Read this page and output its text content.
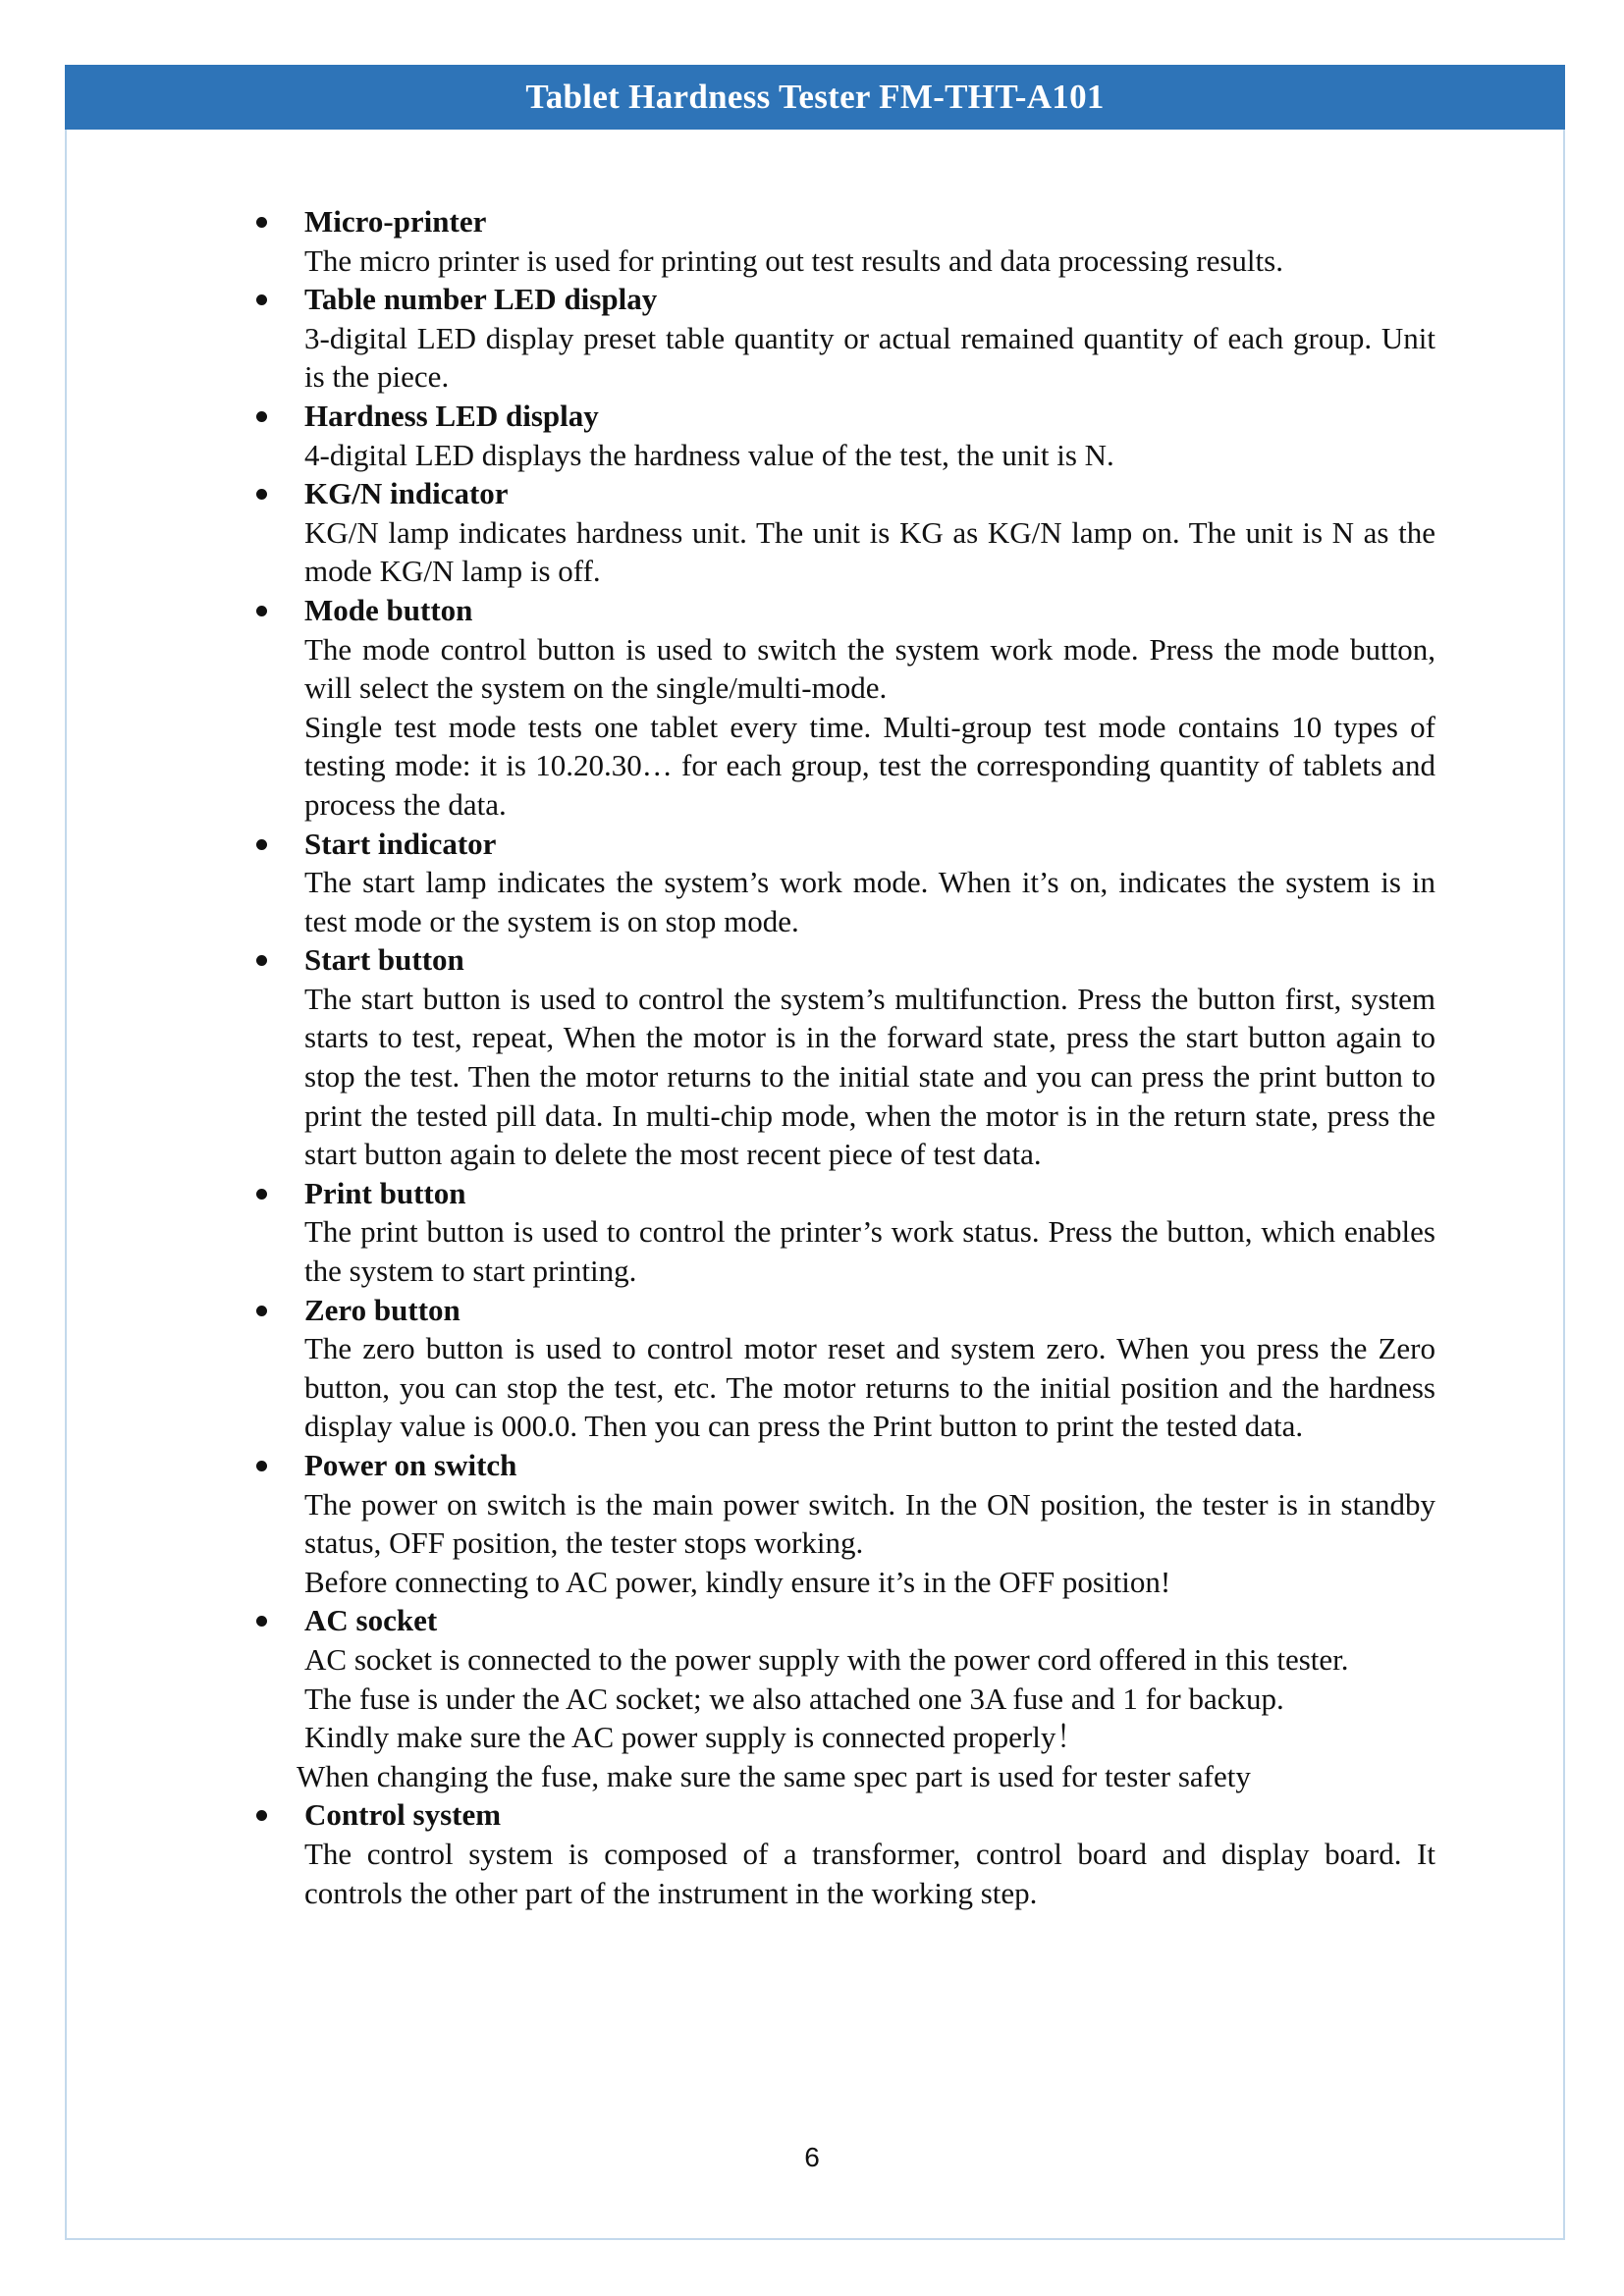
Tablet Hardness Tester FM-THT-A101
Micro-printer
The micro printer is used for printing out test results and data processing results.
Table number LED display
3-digital LED display preset table quantity or actual remained quantity of each group. Unit is the piece.
Hardness LED display
4-digital LED displays the hardness value of the test, the unit is N.
KG/N indicator
KG/N lamp indicates hardness unit. The unit is KG as KG/N lamp on. The unit is N as the mode KG/N lamp is off.
Mode button
The mode control button is used to switch the system work mode. Press the mode button, will select the system on the single/multi-mode.
Single test mode tests one tablet every time. Multi-group test mode contains 10 types of testing mode: it is 10.20.30… for each group, test the corresponding quantity of tablets and process the data.
Start indicator
The start lamp indicates the system’s work mode. When it’s on, indicates the system is in test mode or the system is on stop mode.
Start button
The start button is used to control the system’s multifunction. Press the button first, system starts to test, repeat, When the motor is in the forward state, press the start button again to stop the test. Then the motor returns to the initial state and you can press the print button to print the tested pill data. In multi-chip mode, when the motor is in the return state, press the start button again to delete the most recent piece of test data.
Print button
The print button is used to control the printer’s work status. Press the button, which enables the system to start printing.
Zero button
The zero button is used to control motor reset and system zero. When you press the Zero button, you can stop the test, etc. The motor returns to the initial position and the hardness display value is 000.0. Then you can press the Print button to print the tested data.
Power on switch
The power on switch is the main power switch. In the ON position, the tester is in standby status, OFF position, the tester stops working.
Before connecting to AC power, kindly ensure it’s in the OFF position!
AC socket
AC socket is connected to the power supply with the power cord offered in this tester.
The fuse is under the AC socket; we also attached one 3A fuse and 1 for backup.
Kindly make sure the AC power supply is connected properly！
When changing the fuse, make sure the same spec part is used for tester safety
Control system
The control system is composed of a transformer, control board and display board. It controls the other part of the instrument in the working step.
6
